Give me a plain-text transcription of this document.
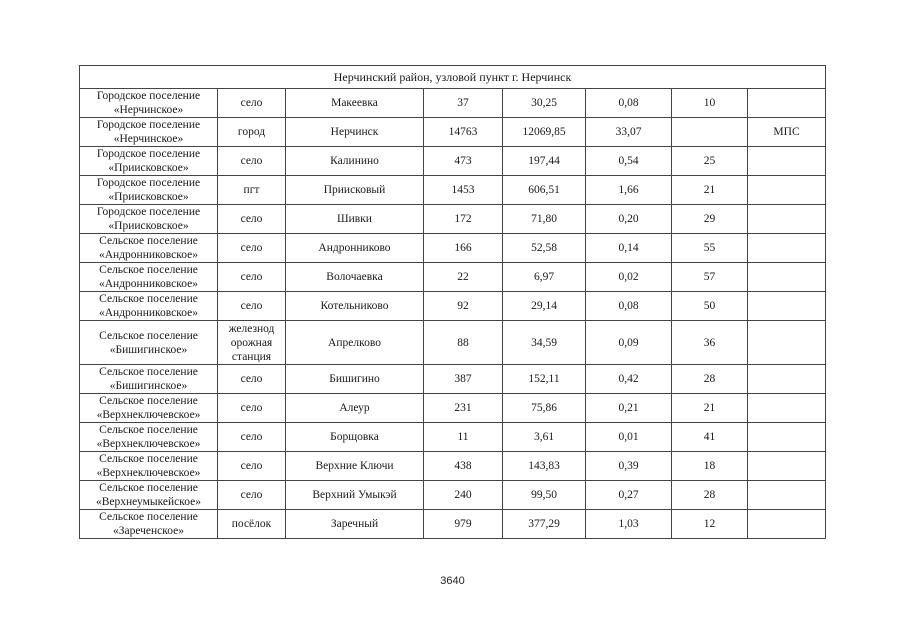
Нерчинский район, узловой пункт г. Нерчинск							
Городское поселение
«Нерчинское»	село	Макеевка	37	30,25	0,08	10	
Городское поселение
«Нерчинское»	город	Нерчинск	14763	12069,85	33,07		МПС
Городское поселение
«Приисковское»	село	Калинино	473	197,44	0,54	25	
Городское поселение
«Приисковское»	пгт	Приисковый	1453	606,51	1,66	21	
Городское поселение
«Приисковское»	село	Шивки	172	71,80	0,20	29	
Сельское поселение
«Андронниковское»	село	Андронниково	166	52,58	0,14	55	
Сельское поселение
«Андронниковское»	село	Волочаевка	22	6,97	0,02	57	
Сельское поселение
«Андронниковское»	село	Котельниково	92	29,14	0,08	50	
Сельское поселение
«Бишигинское»	железнод
орожная
станция	Апрелково	88	34,59	0,09	36	
Сельское поселение
«Бишигинское»	село	Бишигино	387	152,11	0,42	28	
Сельское поселение
«Верхнеключевское»	село	Алеур	231	75,86	0,21	21	
Сельское поселение
«Верхнеключевское»	село	Борщовка	11	3,61	0,01	41	
Сельское поселение
«Верхнеключевское»	село	Верхние Ключи	438	143,83	0,39	18	
Сельское поселение
«Верхнеумыкейское»	село	Верхний Умыкэй	240	99,50	0,27	28	
Сельское поселение
«Зареченское»	посёлок	Заречный	979	377,29	1,03	12	
3640
